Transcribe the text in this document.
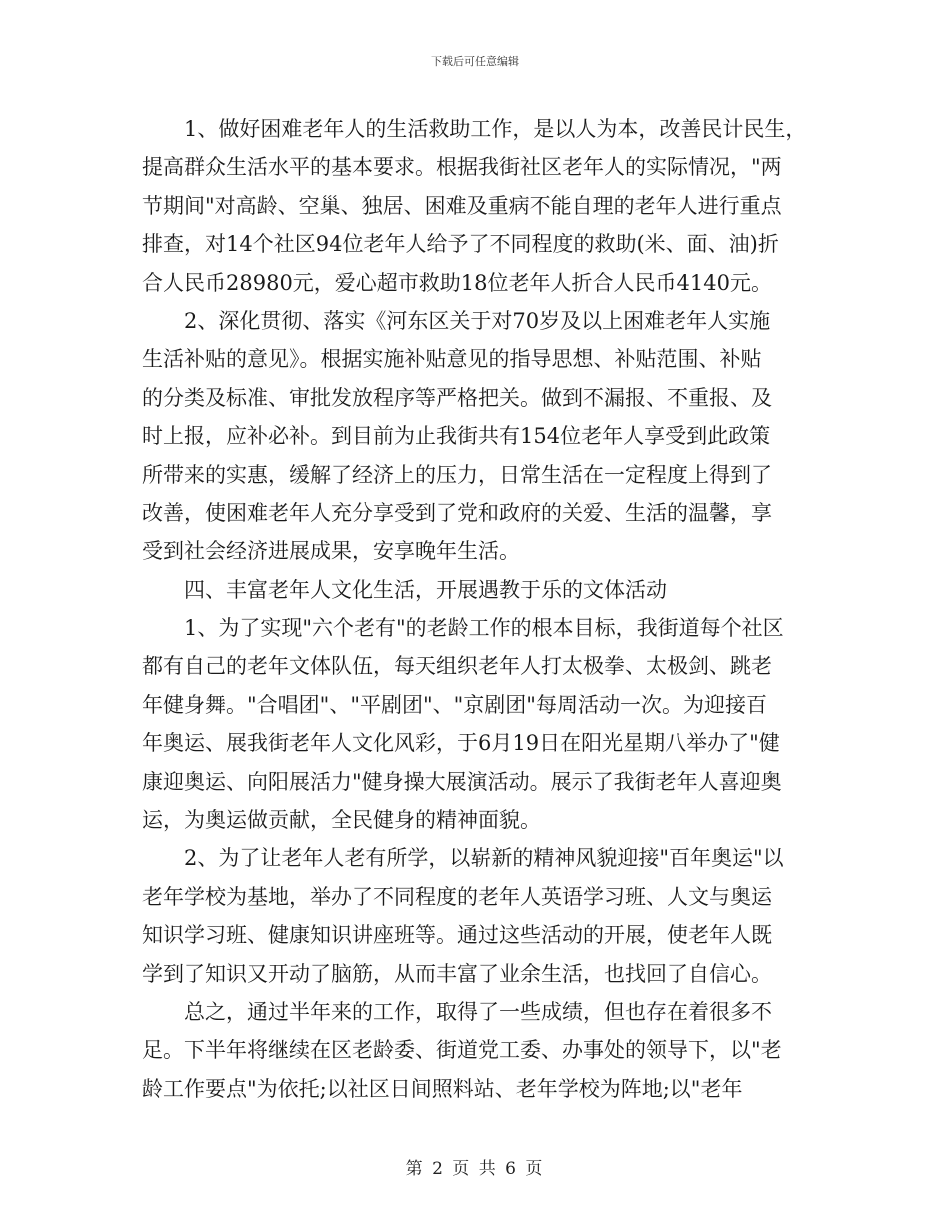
下载后可任意编辑
　　1、做好困难老年人的生活救助工作，是以人为本，改善民计民生，
提高群众生活水平的基本要求。根据我街社区老年人的实际情况，"两
节期间"对高龄、空巢、独居、困难及重病不能自理的老年人进行重点
排查，对14个社区94位老年人给予了不同程度的救助(米、面、油)折
合人民币28980元，爱心超市救助18位老年人折合人民币4140元。
　　2、深化贯彻、落实《河东区关于对70岁及以上困难老年人实施
生活补贴的意见》。根据实施补贴意见的指导思想、补贴范围、补贴
的分类及标准、审批发放程序等严格把关。做到不漏报、不重报、及
时上报，应补必补。到目前为止我街共有154位老年人享受到此政策
所带来的实惠，缓解了经济上的压力，日常生活在一定程度上得到了
改善，使困难老年人充分享受到了党和政府的关爱、生活的温馨，享
受到社会经济进展成果，安享晚年生活。
　　四、丰富老年人文化生活，开展遇教于乐的文体活动
　　1、为了实现"六个老有"的老龄工作的根本目标，我街道每个社区
都有自己的老年文体队伍，每天组织老年人打太极拳、太极剑、跳老
年健身舞。"合唱团"、"平剧团"、"京剧团"每周活动一次。为迎接百
年奥运、展我街老年人文化风彩，于6月19日在阳光星期八举办了"健
康迎奥运、向阳展活力"健身操大展演活动。展示了我街老年人喜迎奥
运，为奥运做贡献，全民健身的精神面貌。
　　2、为了让老年人老有所学，以崭新的精神风貌迎接"百年奥运"以
老年学校为基地，举办了不同程度的老年人英语学习班、人文与奥运
知识学习班、健康知识讲座班等。通过这些活动的开展，使老年人既
学到了知识又开动了脑筋，从而丰富了业余生活，也找回了自信心。
　　总之，通过半年来的工作，取得了一些成绩，但也存在着很多不
足。下半年将继续在区老龄委、街道党工委、办事处的领导下，以"老
龄工作要点"为依托;以社区日间照料站、老年学校为阵地;以"老年
第 2 页 共 6 页
